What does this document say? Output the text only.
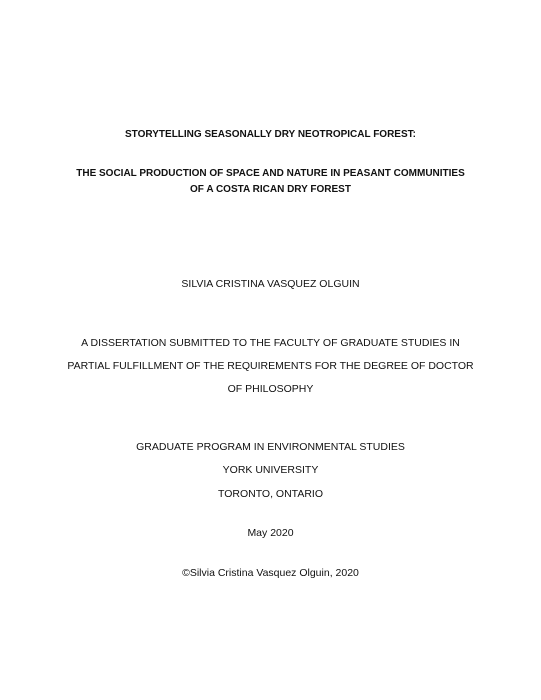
STORYTELLING SEASONALLY DRY NEOTROPICAL FOREST:
THE SOCIAL PRODUCTION OF SPACE AND NATURE IN PEASANT COMMUNITIES
OF A COSTA RICAN DRY FOREST
SILVIA CRISTINA VASQUEZ OLGUIN
A DISSERTATION SUBMITTED TO THE FACULTY OF GRADUATE STUDIES IN
PARTIAL FULFILLMENT OF THE REQUIREMENTS FOR THE DEGREE OF DOCTOR
OF PHILOSOPHY
GRADUATE PROGRAM IN ENVIRONMENTAL STUDIES
YORK UNIVERSITY
TORONTO, ONTARIO
May 2020
©Silvia Cristina Vasquez Olguin, 2020
